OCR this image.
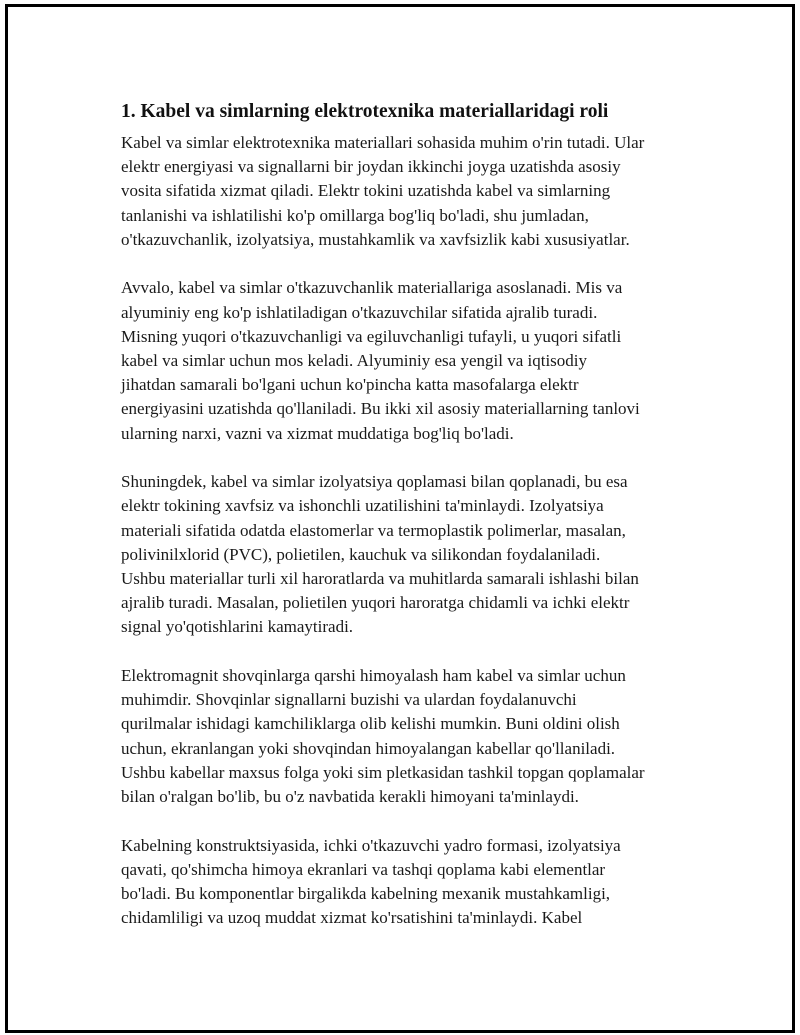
1. Kabel va simlarning elektrotexnika materiallaridagi roli

Kabel va simlar elektrotexnika materiallari sohasida muhim o'rin tutadi. Ular
elektr energiyasi va signallarni bir joydan ikkinchi joyga uzatishda asosiy
vosita sifatida xizmat qiladi. Elektr tokini uzatishda kabel va simlarning
tanlanishi va ishlatilishi ko'p omillarga bog'liq bo'ladi, shu jumladan,
o'tkazuvchanlik, izolyatsiya, mustahkamlik va xavfsizlik kabi xususiyatlar.

Avvalo, kabel va simlar o'tkazuvchanlik materiallariga asoslanadi. Mis va
alyuminiy eng ko'p ishlatiladigan o'tkazuvchilar sifatida ajralib turadi.
Misning yuqori o'tkazuvchanligi va egiluvchanligi tufayli, u yuqori sifatli
kabel va simlar uchun mos keladi. Alyuminiy esa yengil va iqtisodiy
jihatdan samarali bo'lgani uchun ko'pincha katta masofalarga elektr
energiyasini uzatishda qo'llaniladi. Bu ikki xil asosiy materiallarning tanlovi
ularning narxi, vazni va xizmat muddatiga bog'liq bo'ladi.

Shuningdek, kabel va simlar izolyatsiya qoplamasi bilan qoplanadi, bu esa
elektr tokining xavfsiz va ishonchli uzatilishini ta'minlaydi. Izolyatsiya
materiali sifatida odatda elastomerlar va termoplastik polimerlar, masalan,
polivinilxlorid (PVC), polietilen, kauchuk va silikondan foydalaniladi.
Ushbu materiallar turli xil haroratlarda va muhitlarda samarali ishlashi bilan
ajralib turadi. Masalan, polietilen yuqori haroratga chidamli va ichki elektr
signal yo'qotishlarini kamaytiradi.

Elektromagnit shovqinlarga qarshi himoyalash ham kabel va simlar uchun
muhimdir. Shovqinlar signallarni buzishi va ulardan foydalanuvchi
qurilmalar ishidagi kamchiliklarga olib kelishi mumkin. Buni oldini olish
uchun, ekranlangan yoki shovqindan himoyalangan kabellar qo'llaniladi.
Ushbu kabellar maxsus folga yoki sim pletkasidan tashkil topgan qoplamalar
bilan o'ralgan bo'lib, bu o'z navbatida kerakli himoyani ta'minlaydi.

Kabelning konstruktsiyasida, ichki o'tkazuvchi yadro formasi, izolyatsiya
qavati, qo'shimcha himoya ekranlari va tashqi qoplama kabi elementlar
bo'ladi. Bu komponentlar birgalikda kabelning mexanik mustahkamligi,
chidamliligi va uzoq muddat xizmat ko'rsatishini ta'minlaydi. Kabel
